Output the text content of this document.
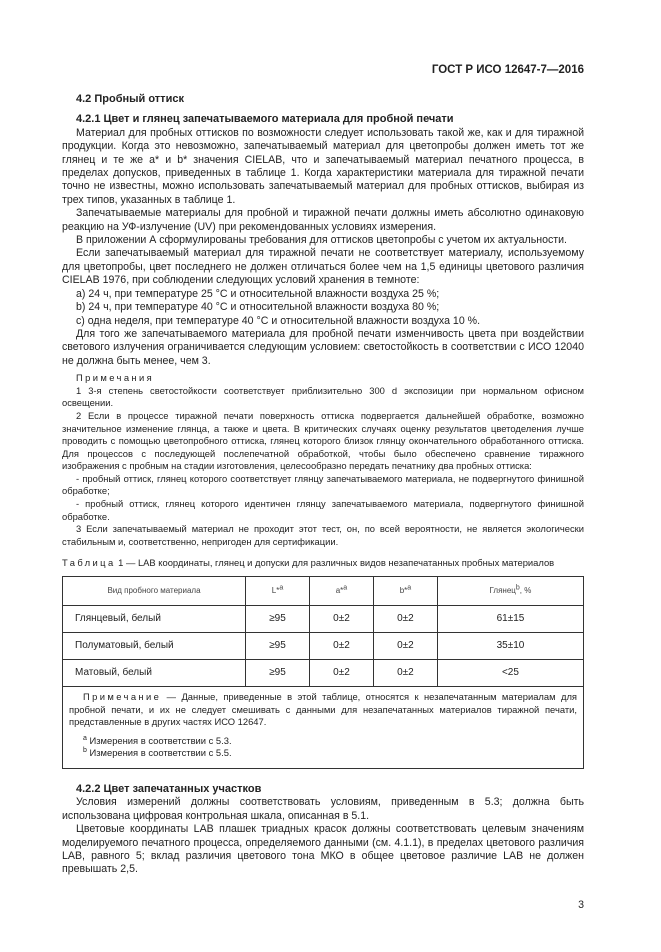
ГОСТ Р ИСО 12647-7—2016

4.2 Пробный оттиск

4.2.1 Цвет и глянец запечатываемого материала для пробной печати

Материал для пробных оттисков по возможности следует использовать такой же, как и для тиражной продукции. Когда это невозможно, запечатываемый материал для цветопробы должен иметь тот же глянец и те же a* и b* значения CIELAB, что и запечатываемый материал печатного процесса, в пределах допусков, приведенных в таблице 1. Когда характеристики материала для тиражной печати точно не известны, можно использовать запечатываемый материал для пробных оттисков, выбирая из трех типов, указанных в таблице 1.

Запечатываемые материалы для пробной и тиражной печати должны иметь абсолютно одинаковую реакцию на УФ-излучение (UV) при рекомендованных условиях измерения.

В приложении А сформулированы требования для оттисков цветопробы с учетом их актуальности.

Если запечатываемый материал для тиражной печати не соответствует материалу, используемому для цветопробы, цвет последнего не должен отличаться более чем на 1,5 единицы цветового различия CIELAB 1976, при соблюдении следующих условий хранения в темноте:

a) 24 ч, при температуре 25 °С и относительной влажности воздуха 25 %;

b) 24 ч, при температуре 40 °С и относительной влажности воздуха 80 %;

c) одна неделя, при температуре 40 °С и относительной влажности воздуха 10 %.

Для того же запечатываемого материала для пробной печати изменчивость цвета при воздействии светового излучения ограничивается следующим условием: светостойкость в соответствии с ИСО 12040 не должна быть менее, чем 3.

Примечания

1 3-я степень светостойкости соответствует приблизительно 300 d экспозиции при нормальном офисном освещении.

2 Если в процессе тиражной печати поверхность оттиска подвергается дальнейшей обработке, возможно значительное изменение глянца, а также и цвета. В критических случаях оценку результатов цветоделения лучше проводить с помощью цветопробного оттиска, глянец которого близок глянцу окончательного обработанного оттиска. Для процессов с последующей послепечатной обработкой, чтобы было обеспечено сравнение тиражного изображения с пробным на стадии изготовления, целесообразно передать печатнику два пробных оттиска:

- пробный оттиск, глянец которого соответствует глянцу запечатываемого материала, не подвергнутого финишной обработке;

- пробный оттиск, глянец которого идентичен глянцу запечатываемого материала, подвергнутого финишной обработке.

3 Если запечатываемый материал не проходит этот тест, он, по всей вероятности, не является экологически стабильным и, соответственно, непригоден для сертификации.

Таблица 1 — LAB координаты, глянец и допуски для различных видов незапечатанных пробных материалов
Вид пробного материала	L*$^a$	a*$^a$	b*$^a$	Глянец$^b$, %
Глянцевый, белый	≥95	0±2	0±2	61±15
Полуматовый, белый	≥95	0±2	0±2	35±10
Матовый, белый	≥95	0±2	0±2	<25

Примечание — Данные, приведенные в этой таблице, относятся к незапечатанным материалам для пробной печати, и их не следует смешивать с данными для незапечатанных материалов тиражной печати, представленные в других частях ИСО 12647.

$^a$ Измерения в соответствии с 5.3.

$^b$ Измерения в соответствии с 5.5.

4.2.2 Цвет запечатанных участков

Условия измерений должны соответствовать условиям, приведенным в 5.3; должна быть использована цифровая контрольная шкала, описанная в 5.1.

Цветовые координаты LAB плашек триадных красок должны соответствовать целевым значениям моделируемого печатного процесса, определяемого данными (см. 4.1.1), в пределах цветового различия LAB, равного 5; вклад различия цветового тона МКО в общее цветовое различие LAB не должен превышать 2,5.

3
